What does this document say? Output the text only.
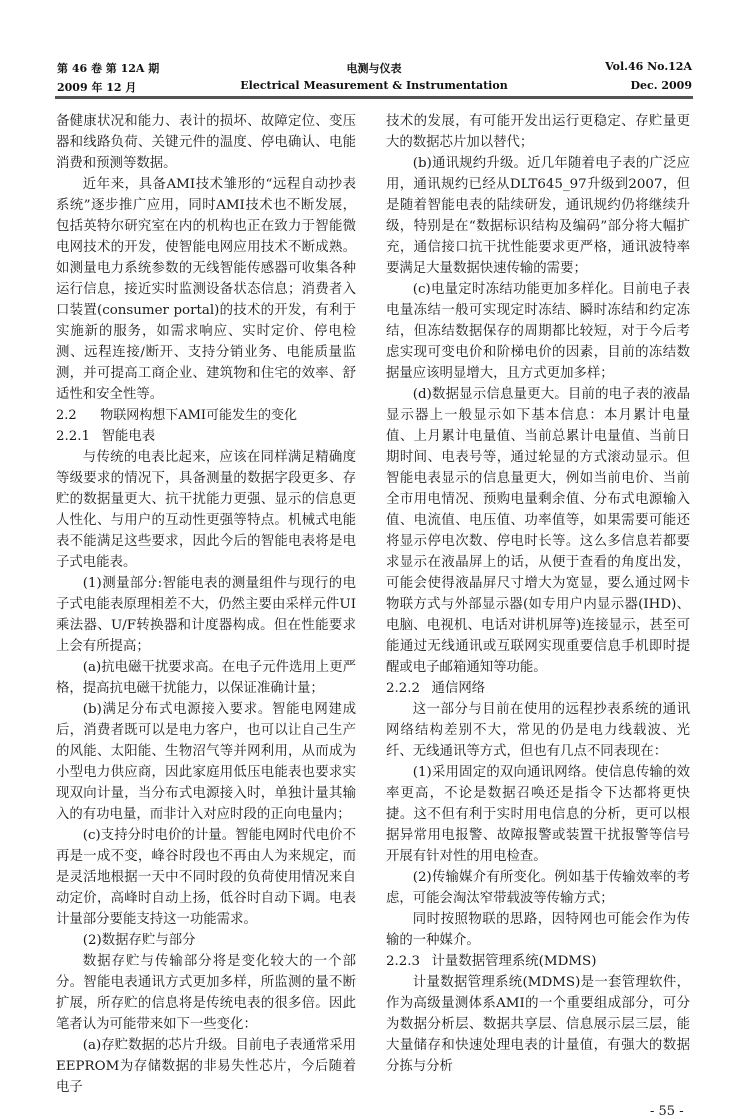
第 46 卷 第 12A 期
2009 年 12 月
电测与仪表
Electrical Measurement & Instrumentation
Vol.46 No.12A
Dec. 2009
备健康状况和能力、表计的损坏、故障定位、变压器和线路负荷、关键元件的温度、停电确认、电能消费和预测等数据。
近年来，具备AMI技术雏形的“远程自动抄表系统”逐步推广应用，同时AMI技术也不断发展，包括英特尔研究室在内的机构也正在致力于智能微电网技术的开发，使智能电网应用技术不断成熟。如测量电力系统参数的无线智能传感器可收集各种运行信息，接近实时监测设备状态信息；消费者入口装置(consumer portal)的技术的开发，有利于实施新的服务，如需求响应、实时定价、停电检测、远程连接/断开、支持分销业务、电能质量监测，并可提高工商企业、建筑物和住宅的效率、舒适性和安全性等。
2.2 物联网构想下AMI可能发生的变化
2.2.1 智能电表
与传统的电表比起来，应该在同样满足精确度等级要求的情况下，具备测量的数据字段更多、存贮的数据量更大、抗干扰能力更强、显示的信息更人性化、与用户的互动性更强等特点。机械式电能表不能满足这些要求，因此今后的智能电表将是电子式电能表。
(1)测量部分:智能电表的测量组件与现行的电子式电能表原理相差不大，仍然主要由采样元件UI乘法器、U/F转换器和计度器构成。但在性能要求上会有所提高；
(a)抗电磁干扰要求高。在电子元件选用上更严格，提高抗电磁干扰能力，以保证准确计量；
(b)满足分布式电源接入要求。智能电网建成后，消费者既可以是电力客户，也可以让自己生产的风能、太阳能、生物沼气等并网利用，从而成为小型电力供应商，因此家庭用低压电能表也要求实现双向计量，当分布式电源接入时，单独计量其输入的有功电量，而非计入对应时段的正向电量内；
(c)支持分时电价的计量。智能电网时代电价不再是一成不变，峰谷时段也不再由人为来规定，而是灵活地根据一天中不同时段的负荷使用情况来自动定价，高峰时自动上扬，低谷时自动下调。电表计量部分要能支持这一功能需求。
(2)数据存贮与部分
数据存贮与传输部分将是变化较大的一个部分。智能电表通讯方式更加多样，所监测的量不断扩展，所存贮的信息将是传统电表的很多倍。因此笔者认为可能带来如下一些变化：
(a)存贮数据的芯片升级。目前电子表通常采用EEPROM为存储数据的非易失性芯片，今后随着电子
技术的发展，有可能开发出运行更稳定、存贮量更大的数据芯片加以替代；
(b)通讯规约升级。近几年随着电子表的广泛应用，通讯规约已经从DLT645_97升级到2007，但是随着智能电表的陆续研发，通讯规约仍将继续升级，特别是在“数据标识结构及编码”部分将大幅扩充，通信接口抗干扰性能要求更严格，通讯波特率要满足大量数据快速传输的需要；
(c)电量定时冻结功能更加多样化。目前电子表电量冻结一般可实现定时冻结、瞬时冻结和约定冻结，但冻结数据保存的周期都比较短，对于今后考虑实现可变电价和阶梯电价的因素，目前的冻结数据量应该明显增大，且方式更加多样；
(d)数据显示信息量更大。目前的电子表的液晶显示器上一般显示如下基本信息：本月累计电量值、上月累计电量值、当前总累计电量值、当前日期时间、电表号等，通过轮显的方式滚动显示。但智能电表显示的信息量更大，例如当前电价、当前全市用电情况、预购电量剩余值、分布式电源输入值、电流值、电压值、功率值等，如果需要可能还将显示停电次数、停电时长等。这么多信息若都要求显示在液晶屏上的话，从便于查看的角度出发，可能会使得液晶屏尺寸增大为宽显，要么通过网卡物联方式与外部显示器(如专用户内显示器(IHD)、电脑、电视机、电话对讲机屏等)连接显示，甚至可能通过无线通讯或互联网实现重要信息手机即时提醒或电子邮箱通知等功能。
2.2.2 通信网络
这一部分与目前在使用的远程抄表系统的通讯网络结构差别不大，常见的仍是电力线载波、光纤、无线通讯等方式，但也有几点不同表现在：
(1)采用固定的双向通讯网络。使信息传输的效率更高，不论是数据召唤还是指令下达都将更快捷。这不但有利于实时用电信息的分析，更可以根据异常用电报警、故障报警或装置干扰报警等信号开展有针对性的用电检查。
(2)传输媒介有所变化。例如基于传输效率的考虑，可能会淘汰窄带载波等传输方式；
同时按照物联的思路，因特网也可能会作为传输的一种媒介。
2.2.3 计量数据管理系统(MDMS)
计量数据管理系统(MDMS)是一套管理软件，作为高级量测体系AMI的一个重要组成部分，可分为数据分析层、数据共享层、信息展示层三层，能大量储存和快速处理电表的计量值，有强大的数据分拣与分析
- 55 -
